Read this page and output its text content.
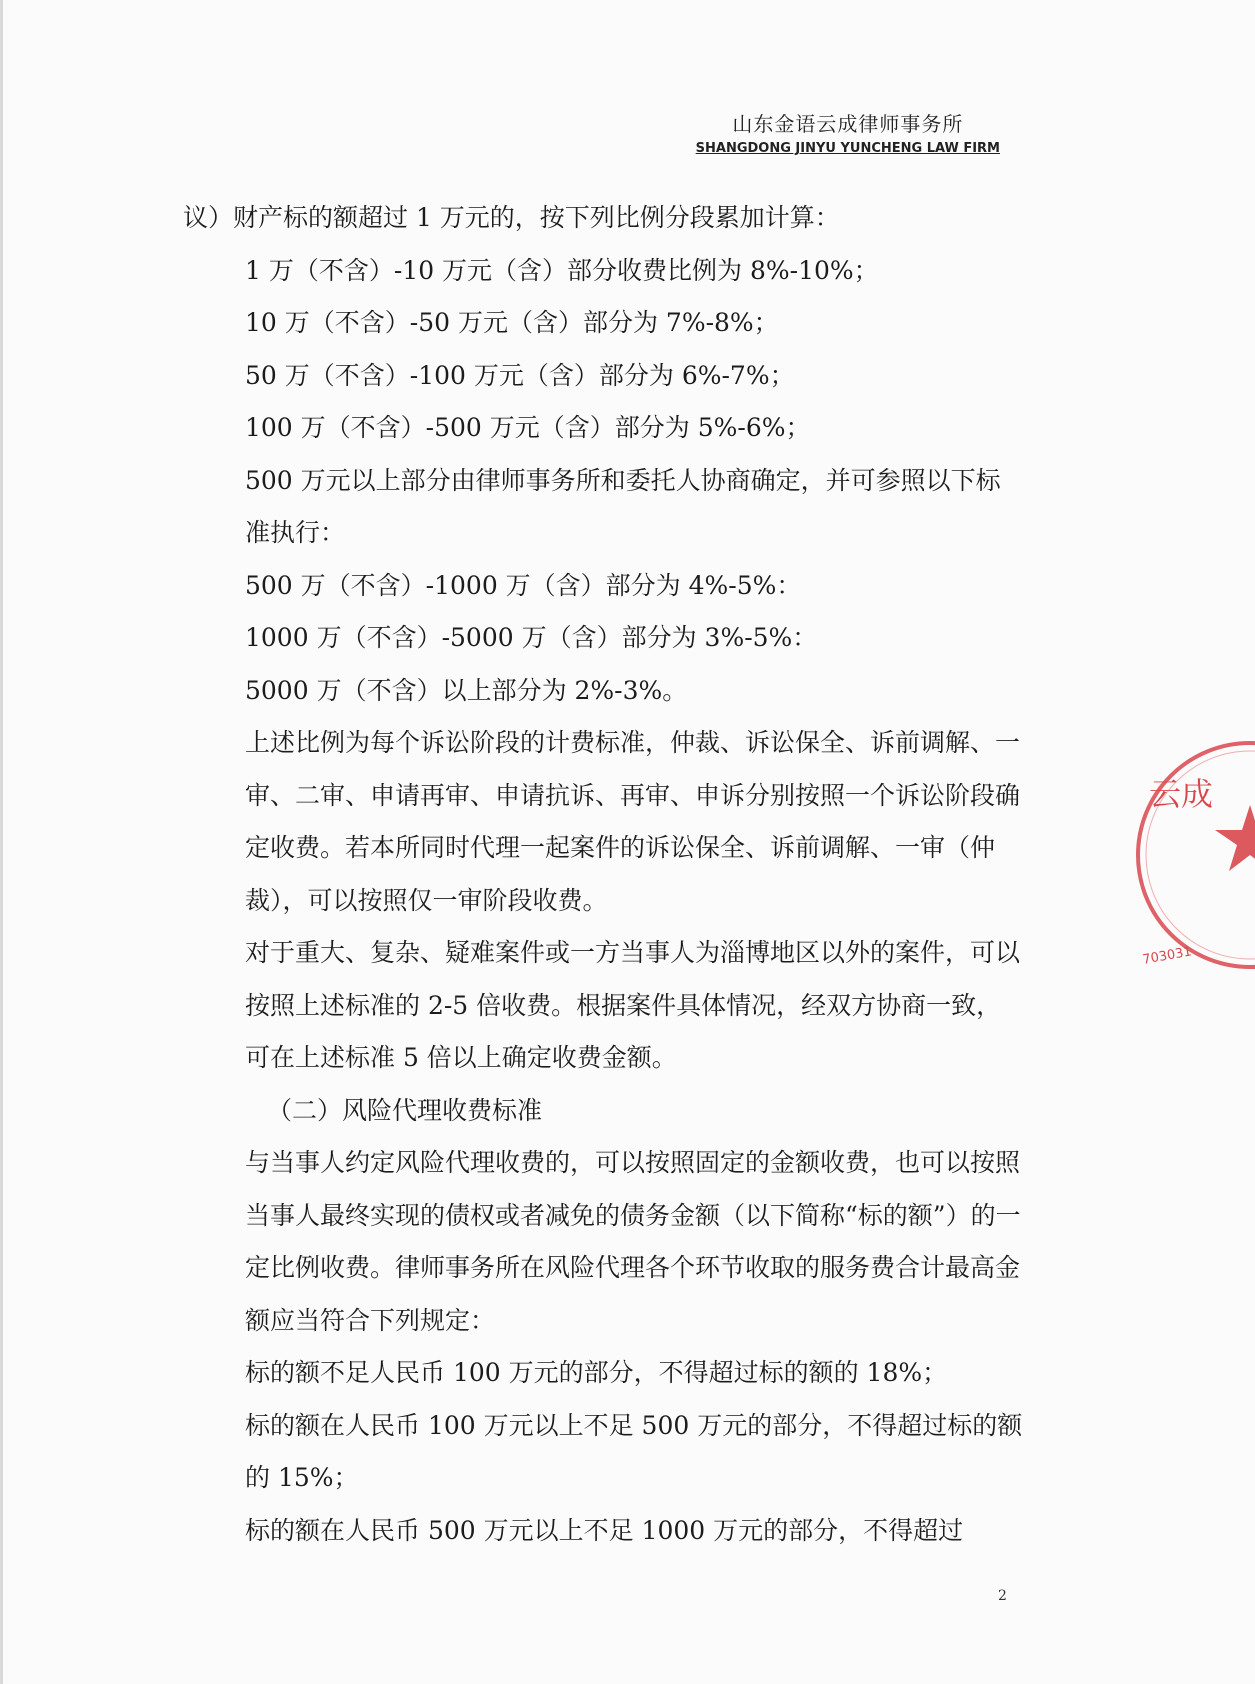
山东金语云成律师事务所
SHANGDONG JINYU YUNCHENG LAW FIRM

议）财产标的额超过 1 万元的，按下列比例分段累加计算：

1 万（不含）-10 万元（含）部分收费比例为 8%-10%；

10 万（不含）-50 万元（含）部分为 7%-8%；

50 万（不含）-100 万元（含）部分为 6%-7%；

100 万（不含）-500 万元（含）部分为 5%-6%；

500 万元以上部分由律师事务所和委托人协商确定，并可参照以下标准执行：

500 万（不含）-1000 万（含）部分为 4%-5%：

1000 万（不含）-5000 万（含）部分为 3%-5%：

5000 万（不含）以上部分为 2%-3%。

上述比例为每个诉讼阶段的计费标准，仲裁、诉讼保全、诉前调解、一审、二审、申请再审、申请抗诉、再审、申诉分别按照一个诉讼阶段确定收费。若本所同时代理一起案件的诉讼保全、诉前调解、一审（仲裁），可以按照仅一审阶段收费。

对于重大、复杂、疑难案件或一方当事人为淄博地区以外的案件，可以按照上述标准的 2-5 倍收费。根据案件具体情况，经双方协商一致，可在上述标准 5 倍以上确定收费金额。

（二）风险代理收费标准

与当事人约定风险代理收费的，可以按照固定的金额收费，也可以按照当事人最终实现的债权或者减免的债务金额（以下简称“标的额”）的一定比例收费。律师事务所在风险代理各个环节收取的服务费合计最高金额应当符合下列规定：

标的额不足人民币 100 万元的部分，不得超过标的额的 18%；

标的额在人民币 100 万元以上不足 500 万元的部分，不得超过标的额的 15%；

标的额在人民币 500 万元以上不足 1000 万元的部分，不得超过

云成
703031
2
